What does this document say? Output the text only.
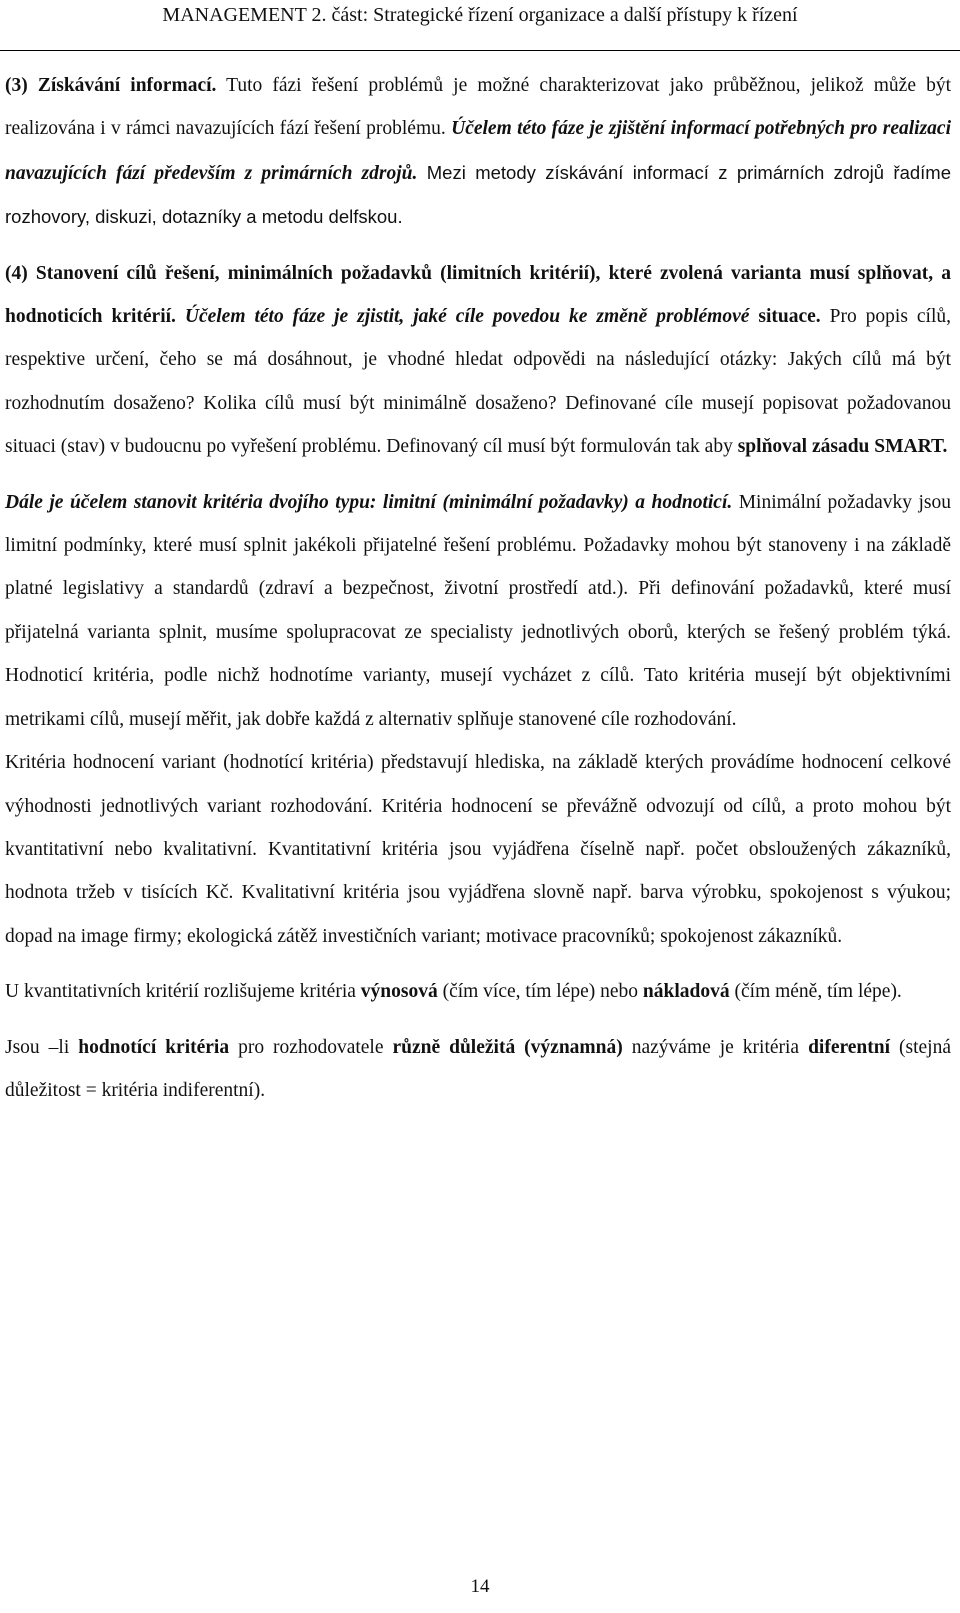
MANAGEMENT 2. část: Strategické řízení organizace a další přístupy k řízení

(3) Získávání informací. Tuto fázi řešení problémů je možné charakterizovat jako průběžnou, jelikož může být realizována i v rámci navazujících fází řešení problému. Účelem této fáze je zjištění informací potřebných pro realizaci navazujících fází především z primárních zdrojů. Mezi metody získávání informací z primárních zdrojů řadíme rozhovory, diskuzi, dotazníky a metodu delfskou.

(4) Stanovení cílů řešení, minimálních požadavků (limitních kritérií), které zvolená varianta musí splňovat, a hodnoticích kritérií. Účelem této fáze je zjistit, jaké cíle povedou ke změně problémové situace. Pro popis cílů, respektive určení, čeho se má dosáhnout, je vhodné hledat odpovědi na následující otázky: Jakých cílů má být rozhodnutím dosaženo? Kolika cílů musí být minimálně dosaženo? Definované cíle musejí popisovat požadovanou situaci (stav) v budoucnu po vyřešení problému. Definovaný cíl musí být formulován tak aby splňoval zásadu SMART.

Dále je účelem stanovit kritéria dvojího typu: limitní (minimální požadavky) a hodnoticí. Minimální požadavky jsou limitní podmínky, které musí splnit jakékoli přijatelné řešení problému. Požadavky mohou být stanoveny i na základě platné legislativy a standardů (zdraví a bezpečnost, životní prostředí atd.). Při definování požadavků, které musí přijatelná varianta splnit, musíme spolupracovat ze specialisty jednotlivých oborů, kterých se řešený problém týká. Hodnoticí kritéria, podle nichž hodnotíme varianty, musejí vycházet z cílů. Tato kritéria musejí být objektivními metrikami cílů, musejí měřit, jak dobře každá z alternativ splňuje stanovené cíle rozhodování.

Kritéria hodnocení variant (hodnotící kritéria) představují hlediska, na základě kterých provádíme hodnocení celkové výhodnosti jednotlivých variant rozhodování. Kritéria hodnocení se převážně odvozují od cílů, a proto mohou být kvantitativní nebo kvalitativní. Kvantitativní kritéria jsou vyjádřena číselně např. počet obsloužených zákazníků, hodnota tržeb v tisících Kč. Kvalitativní kritéria jsou vyjádřena slovně např. barva výrobku, spokojenost s výukou; dopad na image firmy; ekologická zátěž investičních variant; motivace pracovníků; spokojenost zákazníků.

U kvantitativních kritérií rozlišujeme kritéria výnosová (čím více, tím lépe) nebo nákladová (čím méně, tím lépe).

Jsou –li hodnotící kritéria pro rozhodovatele různě důležitá (významná) nazýváme je kritéria diferentní (stejná důležitost = kritéria indiferentní).

14
